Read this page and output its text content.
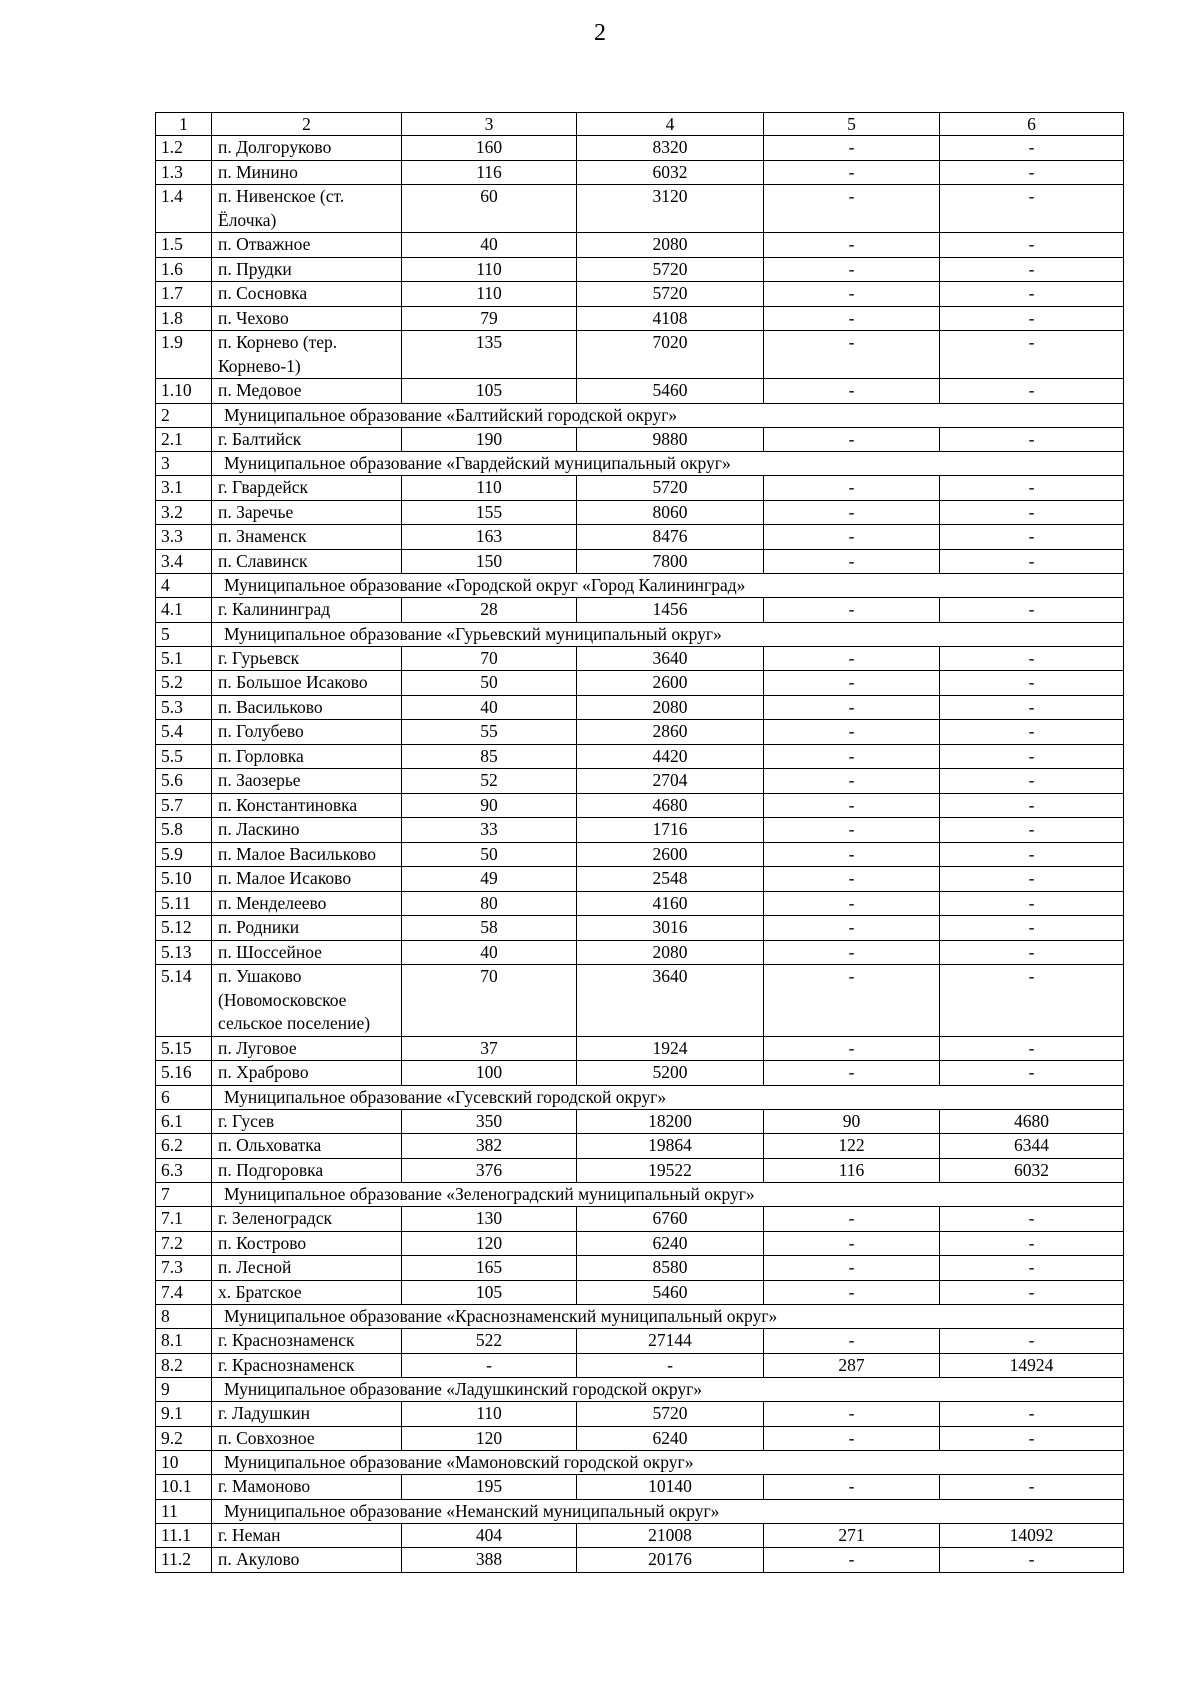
2
1	2	3	4	5	6
1.2	п. Долгоруково	160	8320	-	-
1.3	п. Минино	116	6032	-	-
1.4	п. Нивенское (ст. Ёлочка)	60	3120	-	-
1.5	п. Отважное	40	2080	-	-
1.6	п. Прудки	110	5720	-	-
1.7	п. Сосновка	110	5720	-	-
1.8	п. Чехово	79	4108	-	-
1.9	п. Корнево (тер. Корнево-1)	135	7020	-	-
1.10	п. Медовое	105	5460	-	-
2	Муниципальное образование «Балтийский городской округ»				
2.1	г. Балтийск	190	9880	-	-
3	Муниципальное образование «Гвардейский муниципальный округ»				
3.1	г. Гвардейск	110	5720	-	-
3.2	п. Заречье	155	8060	-	-
3.3	п. Знаменск	163	8476	-	-
3.4	п. Славинск	150	7800	-	-
4	Муниципальное образование «Городской округ «Город Калининград»				
4.1	г. Калининград	28	1456	-	-
5	Муниципальное образование «Гурьевский муниципальный округ»				
5.1	г. Гурьевск	70	3640	-	-
5.2	п. Большое Исаково	50	2600	-	-
5.3	п. Васильково	40	2080	-	-
5.4	п. Голубево	55	2860	-	-
5.5	п. Горловка	85	4420	-	-
5.6	п. Заозерье	52	2704	-	-
5.7	п. Константиновка	90	4680	-	-
5.8	п. Ласкино	33	1716	-	-
5.9	п. Малое Васильково	50	2600	-	-
5.10	п. Малое Исаково	49	2548	-	-
5.11	п. Менделеево	80	4160	-	-
5.12	п. Родники	58	3016	-	-
5.13	п. Шоссейное	40	2080	-	-
5.14	п. Ушаково (Новомосковское сельское поселение)	70	3640	-	-
5.15	п. Луговое	37	1924	-	-
5.16	п. Храброво	100	5200	-	-
6	Муниципальное образование «Гусевский городской округ»				
6.1	г. Гусев	350	18200	90	4680
6.2	п. Ольховатка	382	19864	122	6344
6.3	п. Подгоровка	376	19522	116	6032
7	Муниципальное образование «Зеленоградский муниципальный округ»				
7.1	г. Зеленоградск	130	6760	-	-
7.2	п. Кострово	120	6240	-	-
7.3	п. Лесной	165	8580	-	-
7.4	х. Братское	105	5460	-	-
8	Муниципальное образование «Краснознаменский муниципальный округ»				
8.1	г. Краснознаменск	522	27144	-	-
8.2	г. Краснознаменск	-	-	287	14924
9	Муниципальное образование «Ладушкинский городской округ»				
9.1	г. Ладушкин	110	5720	-	-
9.2	п. Совхозное	120	6240	-	-
10	Муниципальное образование «Мамоновский городской округ»				
10.1	г. Мамоново	195	10140	-	-
11	Муниципальное образование «Неманский муниципальный округ»				
11.1	г. Неман	404	21008	271	14092
11.2	п. Акулово	388	20176	-	-
